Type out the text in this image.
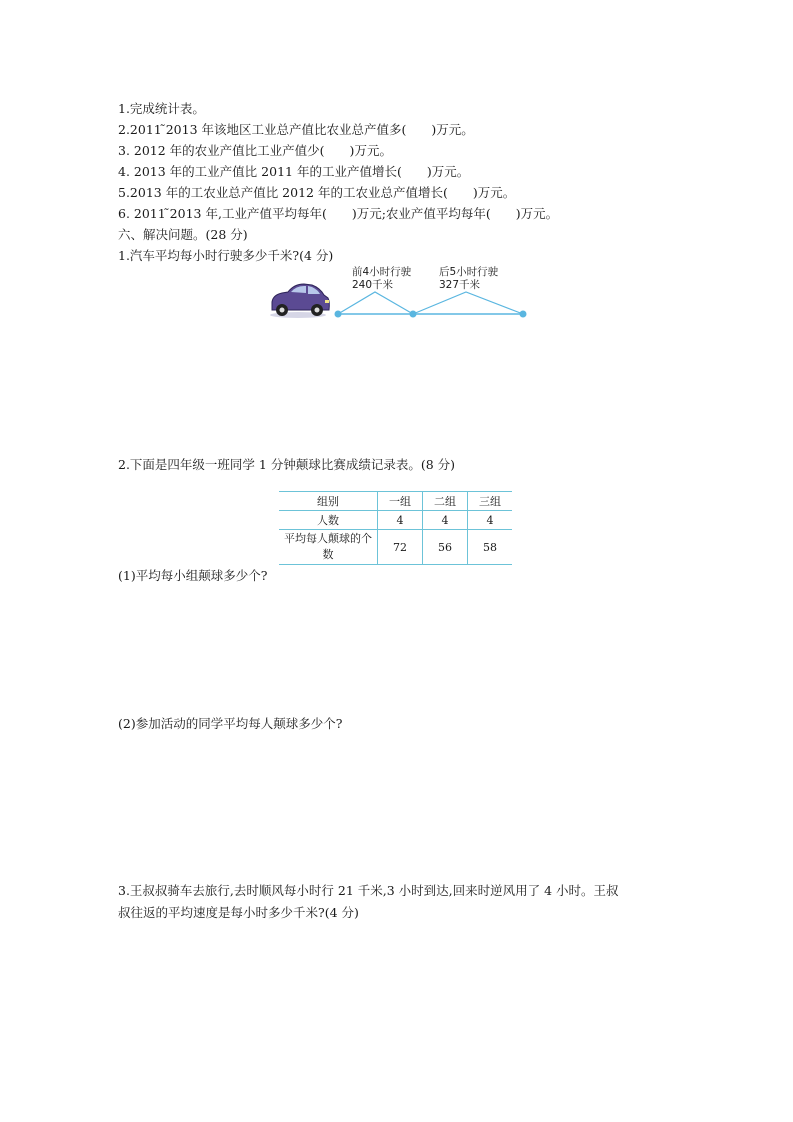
1.完成统计表。
2.2011 ̃2013 年该地区工业总产值比农业总产值多(　　)万元。
3. 2012 年的农业产值比工业产值少(　　)万元。
4. 2013 年的工业产值比 2011 年的工业产值增长(　　)万元。
5.2013 年的工农业总产值比 2012 年的工农业总产值增长(　　)万元。
6. 2011 ̃2013 年,工业产值平均每年(　　)万元;农业产值平均每年(　　)万元。
六、解决问题。(28 分)
1.汽车平均每小时行驶多少千米?(4 分)
前4小时行驶
240千米
后5小时行驶
327千米
2.下面是四年级一班同学 1 分钟颠球比赛成绩记录表。(8 分)
组别	一组	二组	三组
人数	4	4	4
平均每人颠球的个数	72	56	58
(1)平均每小组颠球多少个?
(2)参加活动的同学平均每人颠球多少个?
3.王叔叔骑车去旅行,去时顺风每小时行 21 千米,3 小时到达,回来时逆风用了 4 小时。王叔
叔往返的平均速度是每小时多少千米?(4 分)
